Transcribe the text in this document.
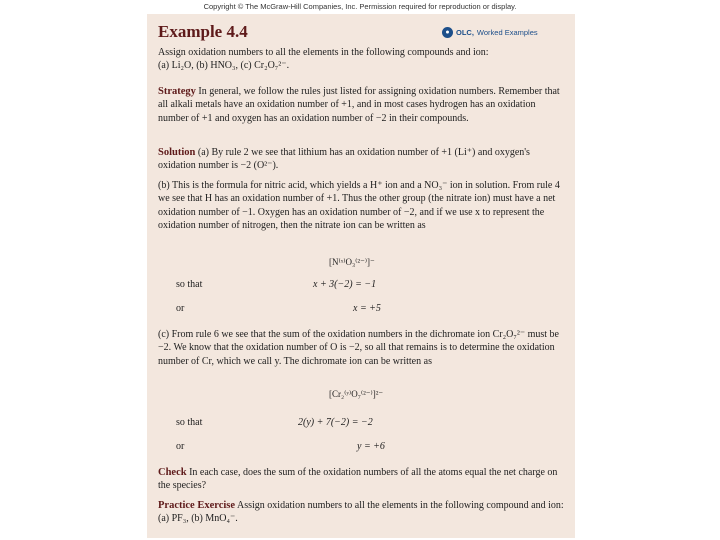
Copyright © The McGraw-Hill Companies, Inc. Permission required for reproduction or display.
Example 4.4	● OLC, Worked Examples

Assign oxidation numbers to all the elements in the following compounds and ion:
(a) Li₂O, (b) HNO₃, (c) Cr₂O₇²⁻.

Strategy In general, we follow the rules just listed for assigning oxidation numbers. Remember that all alkali metals have an oxidation number of +1, and in most cases hydrogen has an oxidation number of +1 and oxygen has an oxidation number of −2 in their compounds.

Solution (a) By rule 2 we see that lithium has an oxidation number of +1 (Li⁺) and oxygen's oxidation number is −2 (O²⁻).

(b) This is the formula for nitric acid, which yields a H⁺ ion and a NO₃⁻ ion in solution. From rule 4 we see that H has an oxidation number of +1. Thus the other group (the nitrate ion) must have a net oxidation number of −1. Oxygen has an oxidation number of −2, and if we use x to represent the oxidation number of nitrogen, then the nitrate ion can be written as

[N⁽ˣ⁾O₃⁽²⁻⁾]⁻
so that	x + 3(−2) = −1
or	x = +5

(c) From rule 6 we see that the sum of the oxidation numbers in the dichromate ion Cr₂O₇²⁻ must be −2. We know that the oxidation number of O is −2, so all that remains is to determine the oxidation number of Cr, which we call y. The dichromate ion can be written as

[Cr₂⁽ʸ⁾O₇⁽²⁻⁾]²⁻
so that	2(y) + 7(−2) = −2
or	y = +6

Check In each case, does the sum of the oxidation numbers of all the atoms equal the net charge on the species?

Practice Exercise Assign oxidation numbers to all the elements in the following compound and ion: (a) PF₃, (b) MnO₄⁻.
